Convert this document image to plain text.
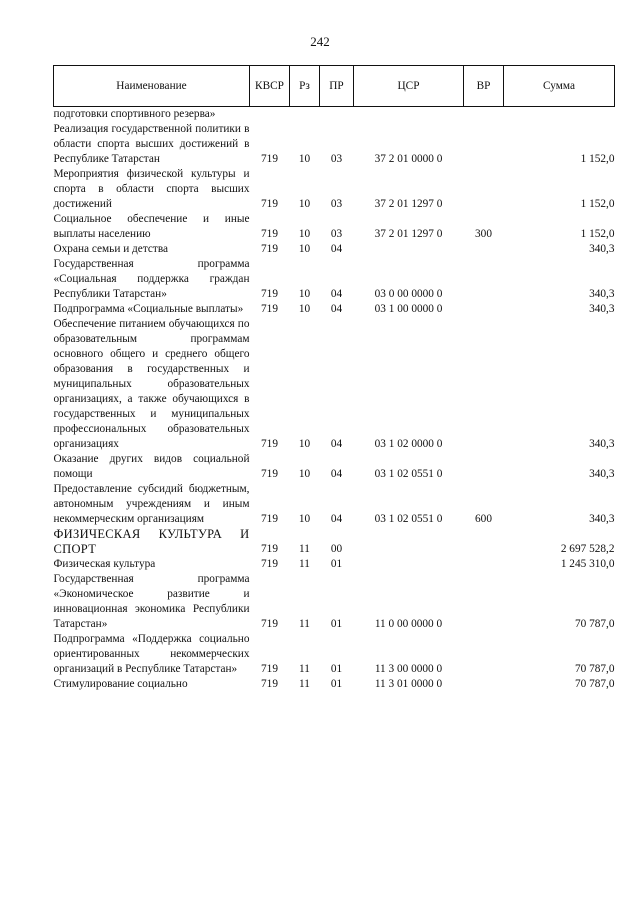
242
Наименование	КВСР	Рз	ПР	ЦСР	ВР	Сумма
подготовки спортивного резерва»						
Реализация государственной политики в области спорта высших достижений в Республике Татарстан	719	10	03	37 2 01 0000 0		1 152,0
Мероприятия физической культуры и спорта в области спорта высших достижений	719	10	03	37 2 01 1297 0		1 152,0
Социальное обеспечение и иные выплаты населению	719	10	03	37 2 01 1297 0	300	1 152,0
Охрана семьи и детства	719	10	04			340,3
Государственная программа «Социальная поддержка граждан Республики Татарстан»	719	10	04	03 0 00 0000 0		340,3
Подпрограмма «Социальные выплаты»	719	10	04	03 1 00 0000 0		340,3
Обеспечение питанием обучающихся по образовательным программам основного общего и среднего общего образования в государственных и муниципальных образовательных организациях, а также обучающихся в государственных и муниципальных профессиональных образовательных организациях	719	10	04	03 1 02 0000 0		340,3
Оказание других видов социальной помощи	719	10	04	03 1 02 0551 0		340,3
Предоставление субсидий бюджетным, автономным учреждениям и иным некоммерческим организациям	719	10	04	03 1 02 0551 0	600	340,3
ФИЗИЧЕСКАЯ КУЛЬТУРА И СПОРТ	719	11	00			2 697 528,2
Физическая культура	719	11	01			1 245 310,0
Государственная программа «Экономическое развитие и инновационная экономика Республики Татарстан»	719	11	01	11 0 00 0000 0		70 787,0
Подпрограмма «Поддержка социально ориентированных некоммерческих организаций в Республике Татарстан»	719	11	01	11 3 00 0000 0		70 787,0
Стимулирование социально	719	11	01	11 3 01 0000 0		70 787,0
